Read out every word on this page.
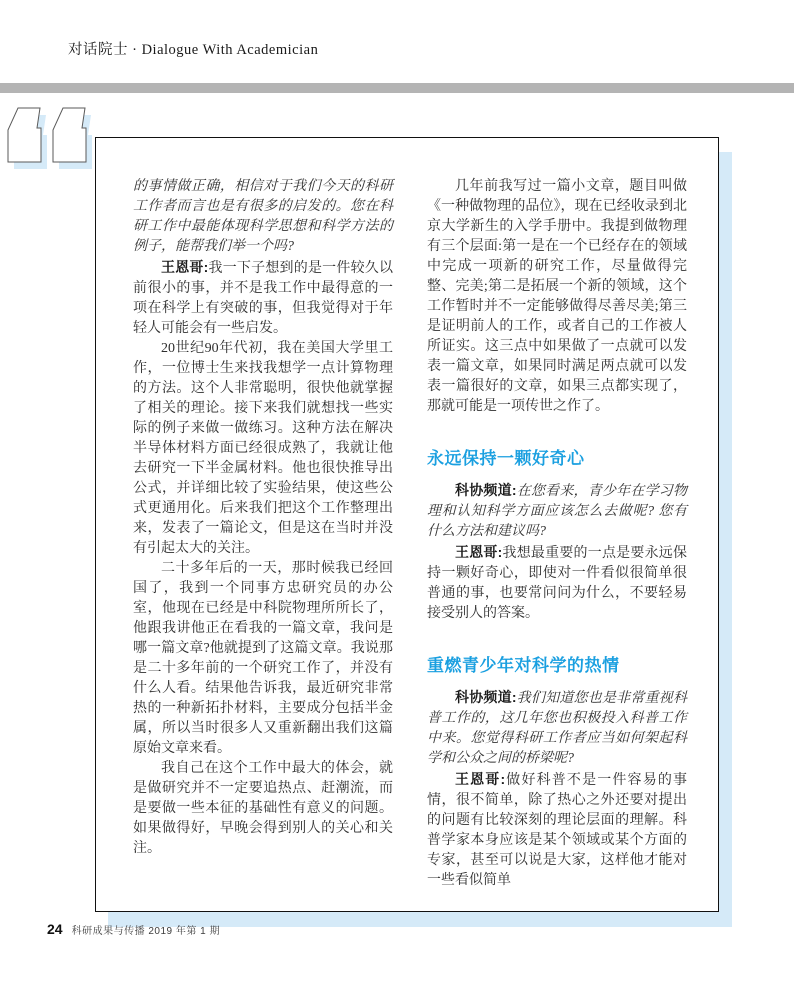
对话院士 · Dialogue With Academician

的事情做正确，相信对于我们今天的科研工作者而言也是有很多的启发的。您在科研工作中最能体现科学思想和科学方法的例子，能帮我们举一个吗?

王恩哥:我一下子想到的是一件较久以前很小的事，并不是我工作中最得意的一项在科学上有突破的事，但我觉得对于年轻人可能会有一些启发。

20世纪90年代初，我在美国大学里工作，一位博士生来找我想学一点计算物理的方法。这个人非常聪明，很快他就掌握了相关的理论。接下来我们就想找一些实际的例子来做一做练习。这种方法在解决半导体材料方面已经很成熟了，我就让他去研究一下半金属材料。他也很快推导出公式，并详细比较了实验结果，使这些公式更通用化。后来我们把这个工作整理出来，发表了一篇论文，但是这在当时并没有引起太大的关注。

二十多年后的一天，那时候我已经回国了，我到一个同事方忠研究员的办公室，他现在已经是中科院物理所所长了，他跟我讲他正在看我的一篇文章，我问是哪一篇文章?他就提到了这篇文章。我说那是二十多年前的一个研究工作了，并没有什么人看。结果他告诉我，最近研究非常热的一种新拓扑材料，主要成分包括半金属，所以当时很多人又重新翻出我们这篇原始文章来看。

我自己在这个工作中最大的体会，就是做研究并不一定要追热点、赶潮流，而是要做一些本征的基础性有意义的问题。如果做得好，早晚会得到别人的关心和关注。

几年前我写过一篇小文章，题目叫做《一种做物理的品位》，现在已经收录到北京大学新生的入学手册中。我提到做物理有三个层面:第一是在一个已经存在的领域中完成一项新的研究工作，尽量做得完整、完美;第二是拓展一个新的领域，这个工作暂时并不一定能够做得尽善尽美;第三是证明前人的工作，或者自己的工作被人所证实。这三点中如果做了一点就可以发表一篇文章，如果同时满足两点就可以发表一篇很好的文章，如果三点都实现了，那就可能是一项传世之作了。

永远保持一颗好奇心

科协频道:在您看来，青少年在学习物理和认知科学方面应该怎么去做呢? 您有什么方法和建议吗?

王恩哥:我想最重要的一点是要永远保持一颗好奇心，即使对一件看似很简单很普通的事，也要常问问为什么，不要轻易接受别人的答案。

重燃青少年对科学的热情

科协频道:我们知道您也是非常重视科普工作的，这几年您也积极投入科普工作中来。您觉得科研工作者应当如何架起科学和公众之间的桥梁呢?

王恩哥:做好科普不是一件容易的事情，很不简单，除了热心之外还要对提出的问题有比较深刻的理论层面的理解。科普学家本身应该是某个领域或某个方面的专家，甚至可以说是大家，这样他才能对一些看似简单

24 科研成果与传播 2019 年第 1 期
